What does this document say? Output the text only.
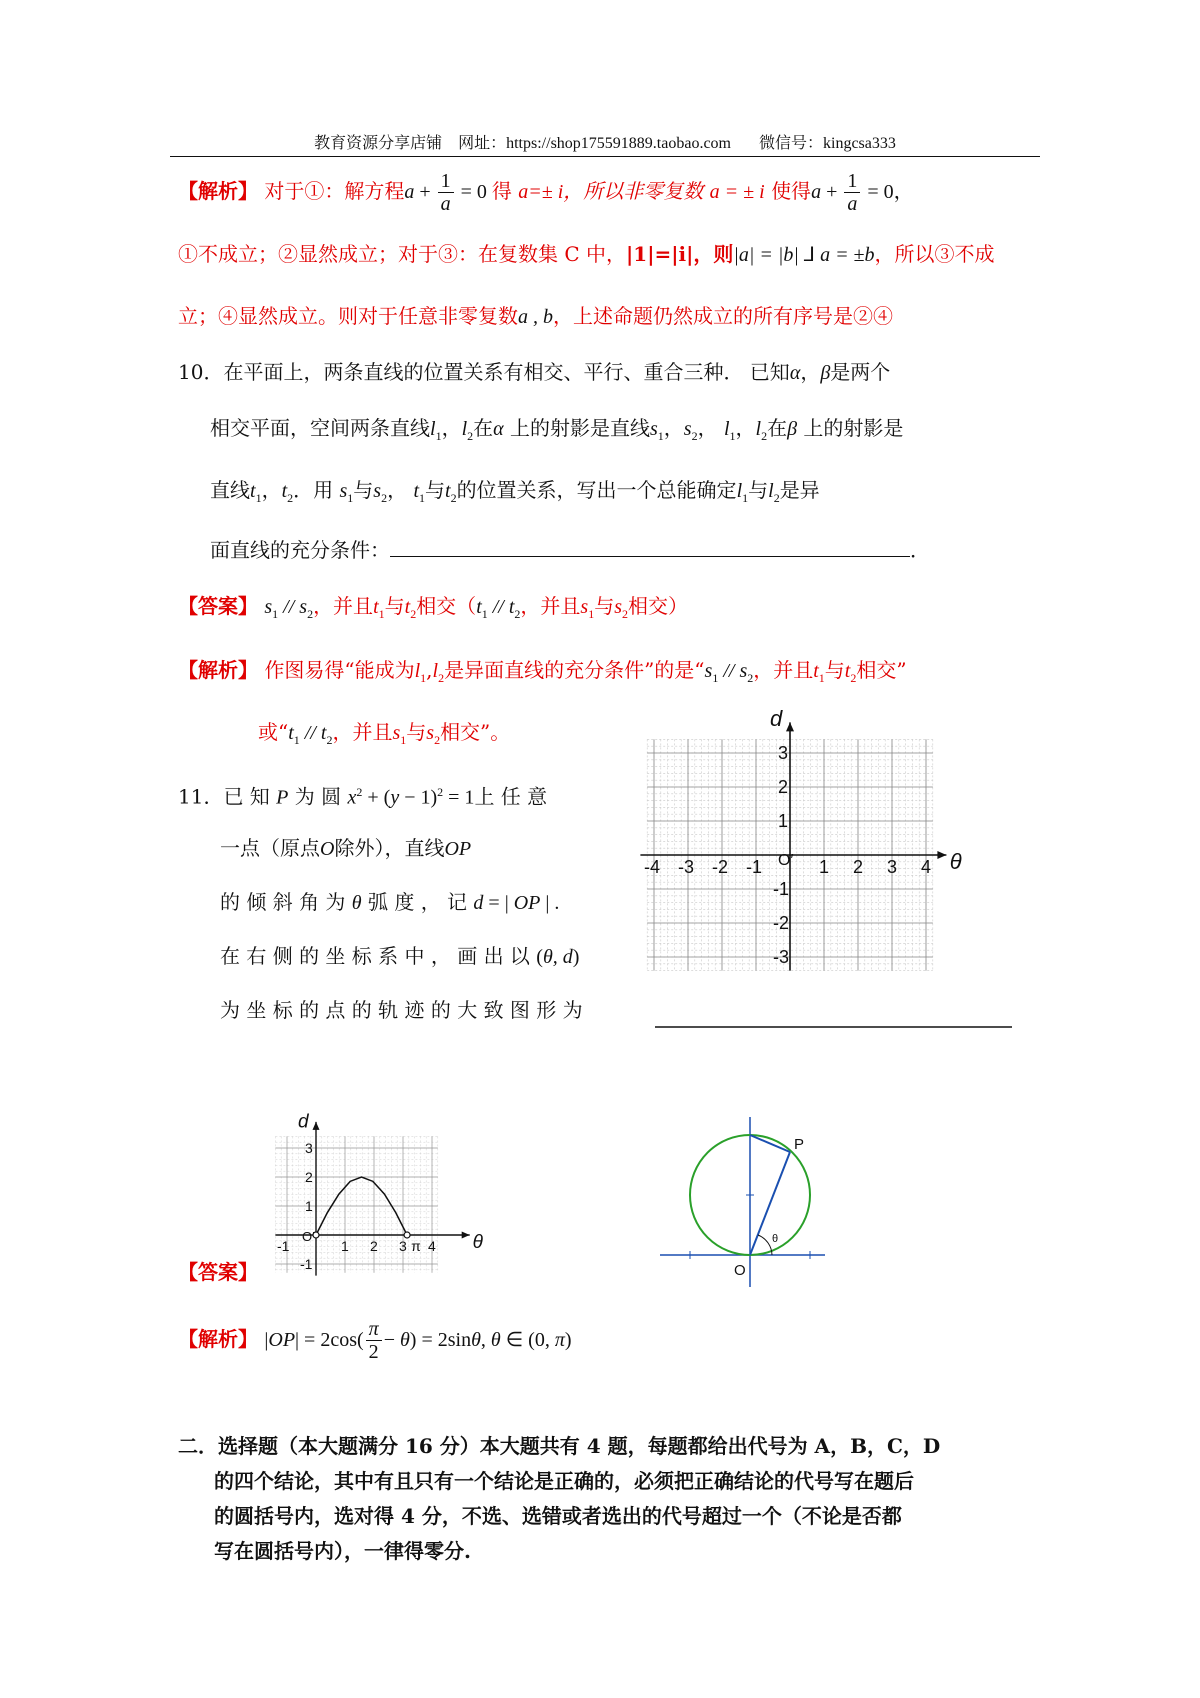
教育资源分享店铺 网址：https://shop175591889.taobao.com 微信号：kingcsa333
【解析】 对于①：解方程$a + \frac{1}{a} = 0$ 得 a=± i，所以非零复数 a = ± i 使得$a + \frac{1}{a} = 0$，
①不成立；②显然成立；对于③：在复数集 C 中，|1|=|i|，则|a| = |b| ⅃ a = ±b，所以③不成
立；④显然成立。则对于任意非零复数a , b，上述命题仍然成立的所有序号是②④
10．在平面上，两条直线的位置关系有相交、平行、重合三种． 已知α，β是两个
相交平面，空间两条直线$l_1$，$l_2$在α 上的射影是直线$s_1$，$s_2$， $l_1$，$l_2$在β 上的射影是
直线$t_1$，$t_2$．用 $s_1$与$s_2$， $t_1$与$t_2$的位置关系，写出一个总能确定$l_1$与$l_2$是异
面直线的充分条件：	．
【答案】 $s_1 // s_2$，并且$t_1$与$t_2$相交（$t_1 // t_2$，并且$s_1$与$s_2$相交）
【解析】 作图易得“能成为$l_1,l_2$是异面直线的充分条件”的是“$s_1 // s_2$，并且$t_1$与$t_2$相交”
或“$t_1 // t_2$，并且$s_1$与$s_2$相交”。
11．已 知 P 为 圆 $x^2 + (y - 1)^2 = 1$上 任 意
一点（原点O除外），直线OP
的 倾 斜 角 为 θ 弧 度 ， 记 d = | OP | .
在 右 侧 的 坐 标 系 中 ， 画 出 以 (θ, d)
为 坐 标 的 点 的 轨 迹 的 大 致 图 形 为
-4 -3 -2 -1	1 2 3 4
3
2
1
-1
-2
-3
O′	θ
d
-1	1 2 3 π 4
3
2
1
-1
O′	θ
d
P
O
θ
【答案】
【解析】 $|OP| = 2\cos( \frac{\pi}{2} - \theta) = 2\sin\theta$, θ ∈ (0, π)
二．选择题（本大题满分 16 分）本大题共有 4 题，每题都给出代号为 A，B，C，D
的四个结论，其中有且只有一个结论是正确的，必须把正确结论的代号写在题后
的圆括号内，选对得 4 分，不选、选错或者选出的代号超过一个（不论是否都
写在圆括号内），一律得零分.
